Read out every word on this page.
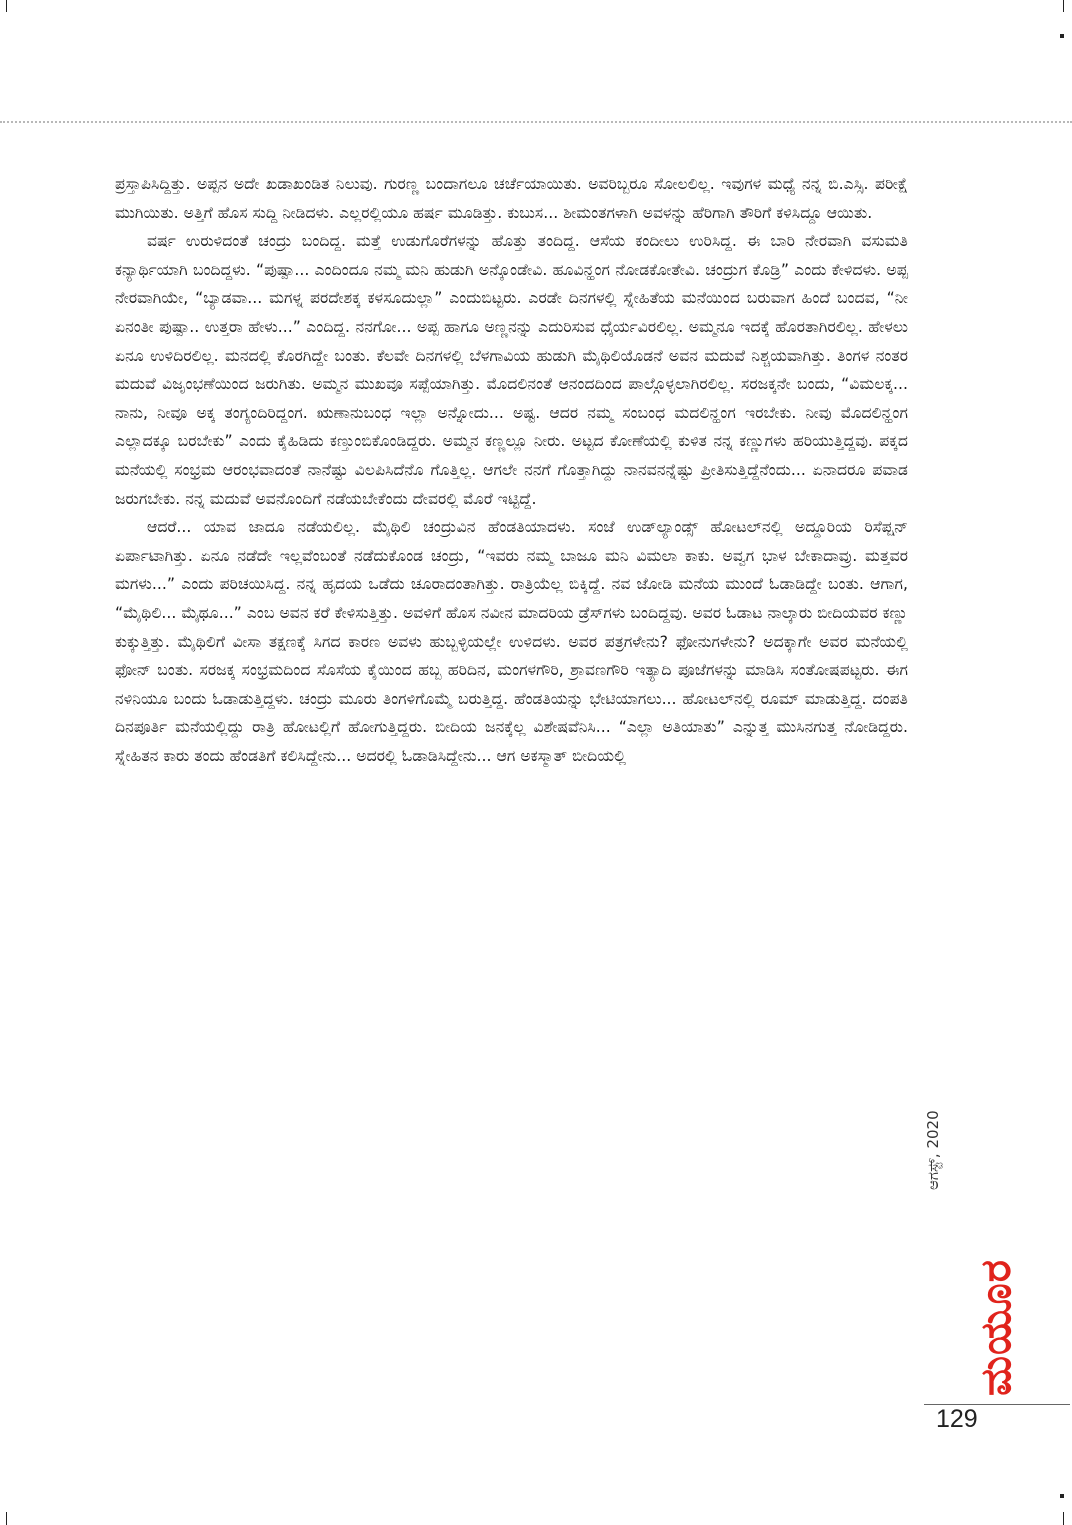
ಪ್ರಸ್ತಾಪಿಸಿದ್ದಿತ್ತು. ಅಪ್ಪನ ಅದೇ ಖಡಾಖಂಡಿತ ನಿಲುವು. ಗುರಣ್ಣ ಬಂದಾಗಲೂ ಚರ್ಚೆಯಾಯಿತು. ಅವರಿಬ್ಬರೂ ಸೋಲಲಿಲ್ಲ. ಇವುಗಳ ಮಧ್ಯೆ ನನ್ನ ಬಿ.ಎಸ್ಸಿ. ಪರೀಕ್ಷೆ ಮುಗಿಯಿತು. ಅತ್ತಿಗೆ ಹೊಸ ಸುದ್ದಿ ನೀಡಿದಳು. ಎಲ್ಲರಲ್ಲಿಯೂ ಹರ್ಷ ಮೂಡಿತ್ತು. ಕುಬುಸ... ಶೀಮಂತಗಳಾಗಿ ಅವಳನ್ನು ಹೆರಿಗಾಗಿ ತೌರಿಗೆ ಕಳಿಸಿದ್ದೂ ಆಯಿತು.

ವರ್ಷ ಉರುಳಿದಂತೆ ಚಂದ್ರು ಬಂದಿದ್ದ. ಮತ್ತೆ ಉಡುಗೊರೆಗಳನ್ನು ಹೊತ್ತು ತಂದಿದ್ದ. ಆಸೆಯ ಕಂದೀಲು ಉರಿಸಿದ್ದ. ಈ ಬಾರಿ ನೇರವಾಗಿ ವಸುಮತಿ ಕನ್ಯಾರ್ಥಿಯಾಗಿ ಬಂದಿದ್ದಳು. “ಪುಷ್ಪಾ... ಎಂದಿಂದೂ ನಮ್ಮ ಮನಿ ಹುಡುಗಿ ಅನ್ಕೊಂಡೇವಿ. ಹೂವಿನ್ಹಂಗ ನೋಡಕೋತೇವಿ. ಚಂದ್ರುಗ ಕೊಡ್ರಿ” ಎಂದು ಕೇಳಿದಳು. ಅಪ್ಪ ನೇರವಾಗಿಯೇ, “ಬ್ಯಾಡವಾ... ಮಗಳ್ನ ಪರದೇಶಕ್ಕ ಕಳಸೂದುಲ್ಲಾ” ಎಂದುಬಿಟ್ಟರು. ಎರಡೇ ದಿನಗಳಲ್ಲಿ ಸ್ನೇಹಿತೆಯ ಮನೆಯಿಂದ ಬರುವಾಗ ಹಿಂದೆ ಬಂದವ, “ನೀ ಏನಂತೀ ಪುಷ್ಪಾ.. ಉತ್ತರಾ ಹೇಳು...” ಎಂದಿದ್ದ. ನನಗೋ... ಅಪ್ಪ ಹಾಗೂ ಅಣ್ಣನನ್ನು ಎದುರಿಸುವ ಧೈರ್ಯವಿರಲಿಲ್ಲ. ಅಮ್ಮನೂ ಇದಕ್ಕೆ ಹೊರತಾಗಿರಲಿಲ್ಲ. ಹೇಳಲು ಏನೂ ಉಳಿದಿರಲಿಲ್ಲ. ಮನದಲ್ಲಿ ಕೊರಗಿದ್ದೇ ಬಂತು. ಕೆಲವೇ ದಿನಗಳಲ್ಲಿ ಬೆಳಗಾವಿಯ ಹುಡುಗಿ ಮೈಥಿಲಿಯೊಡನೆ ಅವನ ಮದುವೆ ನಿಶ್ಚಯವಾಗಿತ್ತು. ತಿಂಗಳ ನಂತರ ಮದುವೆ ವಿಜೃಂಭಣೆಯಿಂದ ಜರುಗಿತು. ಅಮ್ಮನ ಮುಖವೂ ಸಪ್ಪೆಯಾಗಿತ್ತು. ಮೊದಲಿನಂತೆ ಆನಂದದಿಂದ ಪಾಲ್ಗೊಳ್ಳಲಾಗಿರಲಿಲ್ಲ. ಸರಜಕ್ಕನೇ ಬಂದು, “ವಿಮಲಕ್ಕ... ನಾನು, ನೀವೂ ಅಕ್ಕ ತಂಗ್ಯಂದಿರಿದ್ದಂಗ. ಋಣಾನುಬಂಧ ಇಲ್ಲಾ ಅನ್ನೋದು... ಅಷ್ಟ. ಆದರ ನಮ್ಮ ಸಂಬಂಧ ಮದಲಿನ್ಹಂಗ ಇರಬೇಕು. ನೀವು ಮೊದಲಿನ್ಹಂಗ ಎಲ್ಲಾದಕ್ಕೂ ಬರಬೇಕು” ಎಂದು ಕೈಹಿಡಿದು ಕಣ್ತುಂಬಿಕೊಂಡಿದ್ದರು. ಅಮ್ಮನ ಕಣ್ಣಲ್ಲೂ ನೀರು. ಅಟ್ಟದ ಕೋಣೆಯಲ್ಲಿ ಕುಳಿತ ನನ್ನ ಕಣ್ಣುಗಳು ಹರಿಯುತ್ತಿದ್ದವು. ಪಕ್ಕದ ಮನೆಯಲ್ಲಿ ಸಂಭ್ರಮ ಆರಂಭವಾದಂತೆ ನಾನೆಷ್ಟು ವಿಲಪಿಸಿದೆನೊ ಗೊತ್ತಿಲ್ಲ. ಆಗಲೇ ನನಗೆ ಗೊತ್ತಾಗಿದ್ದು ನಾನವನನ್ನೆಷ್ಟು ಪ್ರೀತಿಸುತ್ತಿದ್ದೆನೆಂದು... ಏನಾದರೂ ಪವಾಡ ಜರುಗಬೇಕು. ನನ್ನ ಮದುವೆ ಅವನೊಂದಿಗೆ ನಡೆಯಬೇಕೆಂದು ದೇವರಲ್ಲಿ ಮೊರೆ ಇಟ್ಟಿದ್ದೆ.

ಆದರೆ... ಯಾವ ಜಾದೂ ನಡೆಯಲಿಲ್ಲ. ಮೈಥಿಲಿ ಚಂದ್ರುವಿನ ಹೆಂಡತಿಯಾದಳು. ಸಂಜೆ ಉಡ್‌ಲ್ಯಾಂಡ್ಸ್ ಹೋಟಲ್‌ನಲ್ಲಿ ಅದ್ದೂರಿಯ ರಿಸೆಪ್ಷನ್ ಏರ್ಪಾಟಾಗಿತ್ತು. ಏನೂ ನಡೆದೇ ಇಲ್ಲವೆಂಬಂತೆ ನಡೆದುಕೊಂಡ ಚಂದ್ರು, “ಇವರು ನಮ್ಮ ಬಾಜೂ ಮನಿ ವಿಮಲಾ ಕಾಕು. ಅವ್ವಗ ಭಾಳ ಬೇಕಾದಾವ್ರು. ಮತ್ತವರ ಮಗಳು...” ಎಂದು ಪರಿಚಯಿಸಿದ್ದ. ನನ್ನ ಹೃದಯ ಒಡೆದು ಚೂರಾದಂತಾಗಿತ್ತು. ರಾತ್ರಿಯೆಲ್ಲ ಬಿಕ್ಕಿದ್ದೆ. ನವ ಜೋಡಿ ಮನೆಯ ಮುಂದೆ ಓಡಾಡಿದ್ದೇ ಬಂತು. ಆಗಾಗ, “ಮೈಥಿಲಿ... ಮೈಥೂ...” ಎಂಬ ಅವನ ಕರೆ ಕೇಳಿಸುತ್ತಿತ್ತು. ಅವಳಿಗೆ ಹೊಸ ನವೀನ ಮಾದರಿಯ ಡ್ರೆಸ್‌ಗಳು ಬಂದಿದ್ದವು. ಅವರ ಓಡಾಟ ನಾಲ್ಕಾರು ಬೀದಿಯವರ ಕಣ್ಣು ಕುಕ್ಕುತ್ತಿತ್ತು. ಮೈಥಿಲಿಗೆ ವೀಸಾ ತಕ್ಷಣಕ್ಕೆ ಸಿಗದ ಕಾರಣ ಅವಳು ಹುಬ್ಬಳ್ಳಿಯಲ್ಲೇ ಉಳಿದಳು. ಅವರ ಪತ್ರಗಳೇನು? ಫೋನುಗಳೇನು? ಅದಕ್ಕಾಗೇ ಅವರ ಮನೆಯಲ್ಲಿ ಫೋನ್ ಬಂತು. ಸರಜಕ್ಕ ಸಂಭ್ರಮದಿಂದ ಸೊಸೆಯ ಕೈಯಿಂದ ಹಬ್ಬ ಹರಿದಿನ, ಮಂಗಳಗೌರಿ, ಶ್ರಾವಣಗೌರಿ ಇತ್ಯಾದಿ ಪೂಜೆಗಳನ್ನು ಮಾಡಿಸಿ ಸಂತೋಷಪಟ್ಟರು. ಈಗ ನಳಿನಿಯೂ ಬಂದು ಓಡಾಡುತ್ತಿದ್ದಳು. ಚಂದ್ರು ಮೂರು ತಿಂಗಳಿಗೊಮ್ಮೆ ಬರುತ್ತಿದ್ದ. ಹೆಂಡತಿಯನ್ನು ಭೇಟಿಯಾಗಲು... ಹೋಟಲ್‌ನಲ್ಲಿ ರೂಮ್ ಮಾಡುತ್ತಿದ್ದ. ದಂಪತಿ ದಿನಪೂರ್ತಿ ಮನೆಯಲ್ಲಿದ್ದು ರಾತ್ರಿ ಹೋಟಲ್ಲಿಗೆ ಹೋಗುತ್ತಿದ್ದರು. ಬೀದಿಯ ಜನಕ್ಕೆಲ್ಲ ವಿಶೇಷವೆನಿಸಿ... “ಎಲ್ಲಾ ಅತಿಯಾತು” ಎನ್ನುತ್ತ ಮುಸಿನಗುತ್ತ ನೋಡಿದ್ದರು. ಸ್ನೇಹಿತನ ಕಾರು ತಂದು ಹೆಂಡತಿಗೆ ಕಲಿಸಿದ್ದೇನು... ಅದರಲ್ಲಿ ಓಡಾಡಿಸಿದ್ದೇನು... ಆಗ ಅಕಸ್ಮಾತ್ ಬೀದಿಯಲ್ಲಿ

ಆಗಸ್ಟ್, 2020
ಮಯೂರ
129
